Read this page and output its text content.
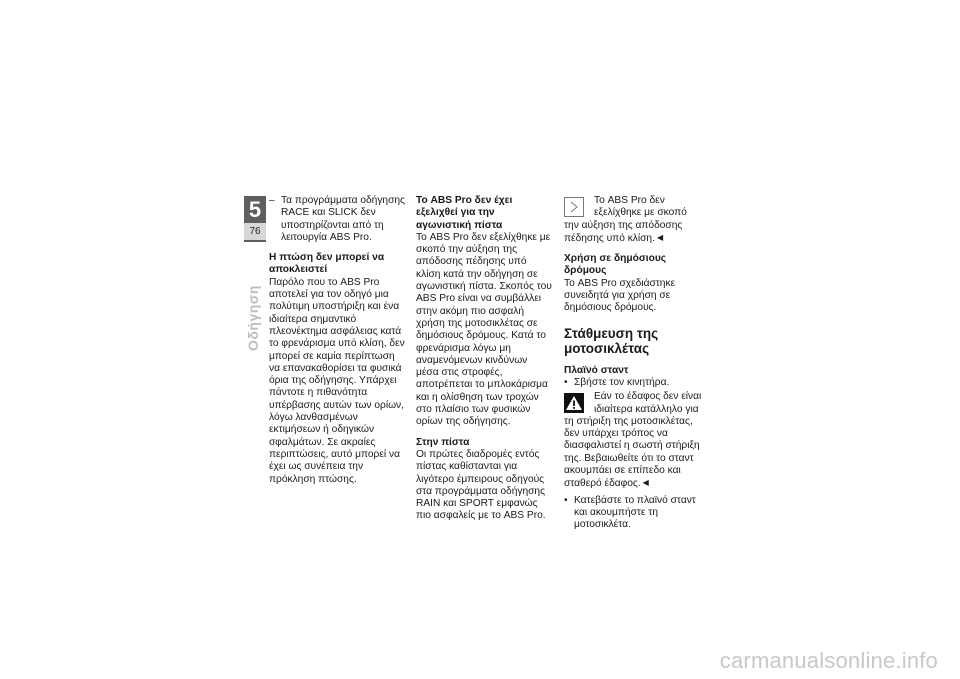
5
76
Οδήγηση
– Τα προγράμματα οδήγησης RACE και SLICK δεν υποστηρίζονται από τη λειτουργία ABS Pro.

Η πτώση δεν μπορεί να αποκλειστεί

Παρόλο που το ABS Pro αποτελεί για τον οδηγό μια πολύτιμη υποστήριξη και ένα ιδιαίτερα σημαντικό πλεονέκτημα ασφάλειας κατά το φρενάρισμα υπό κλίση, δεν μπορεί σε καμία περίπτωση να επανακαθορίσει τα φυσικά όρια της οδήγησης. Υπάρχει πάντοτε η πιθανότητα υπέρβασης αυτών των ορίων, λόγω λανθασμένων εκτιμήσεων ή οδηγικών σφαλμάτων. Σε ακραίες περιπτώσεις, αυτό μπορεί να έχει ως συνέπεια την πρόκληση πτώσης.

Το ABS Pro δεν έχει εξελιχθεί για την αγωνιστική πίστα

Το ABS Pro δεν εξελίχθηκε με σκοπό την αύξηση της απόδοσης πέδησης υπό κλίση κατά την οδήγηση σε αγωνιστική πίστα. Σκοπός του ABS Pro είναι να συμβάλλει στην ακόμη πιο ασφαλή χρήση της μοτοσικλέτας σε δημόσιους δρόμους. Κατά το φρενάρισμα λόγω μη αναμενόμενων κινδύνων μέσα στις στροφές, αποτρέπεται το μπλοκάρισμα και η ολίσθηση των τροχών στο πλαίσιο των φυσικών ορίων της οδήγησης.

Στην πίστα

Οι πρώτες διαδρομές εντός πίστας καθίστανται για λιγότερο έμπειρους οδηγούς στα προγράμματα οδήγησης RAIN και SPORT εμφανώς πιο ασφαλείς με το ABS Pro.

Το ABS Pro δεν εξελίχθηκε με σκοπό την αύξηση της απόδοσης πέδησης υπό κλίση. ◀

Χρήση σε δημόσιους δρόμους

Το ABS Pro σχεδιάστηκε συνειδητά για χρήση σε δημόσιους δρόμους.

Στάθμευση της μοτοσικλέτας

Πλαϊνό σταντ

• Σβήστε τον κινητήρα.
Εάν το έδαφος δεν είναι ιδιαίτερα κατάλληλο για τη στήριξη της μοτοσικλέτας, δεν υπάρχει τρόπος να διασφαλιστεί η σωστή στήριξη της. Βεβαιωθείτε ότι το σταντ ακουμπάει σε επίπεδο και σταθερό έδαφος. ◀
• Κατεβάστε το πλαϊνό σταντ και ακουμπήστε τη μοτοσικλέτα.
carmanualsonline.info
